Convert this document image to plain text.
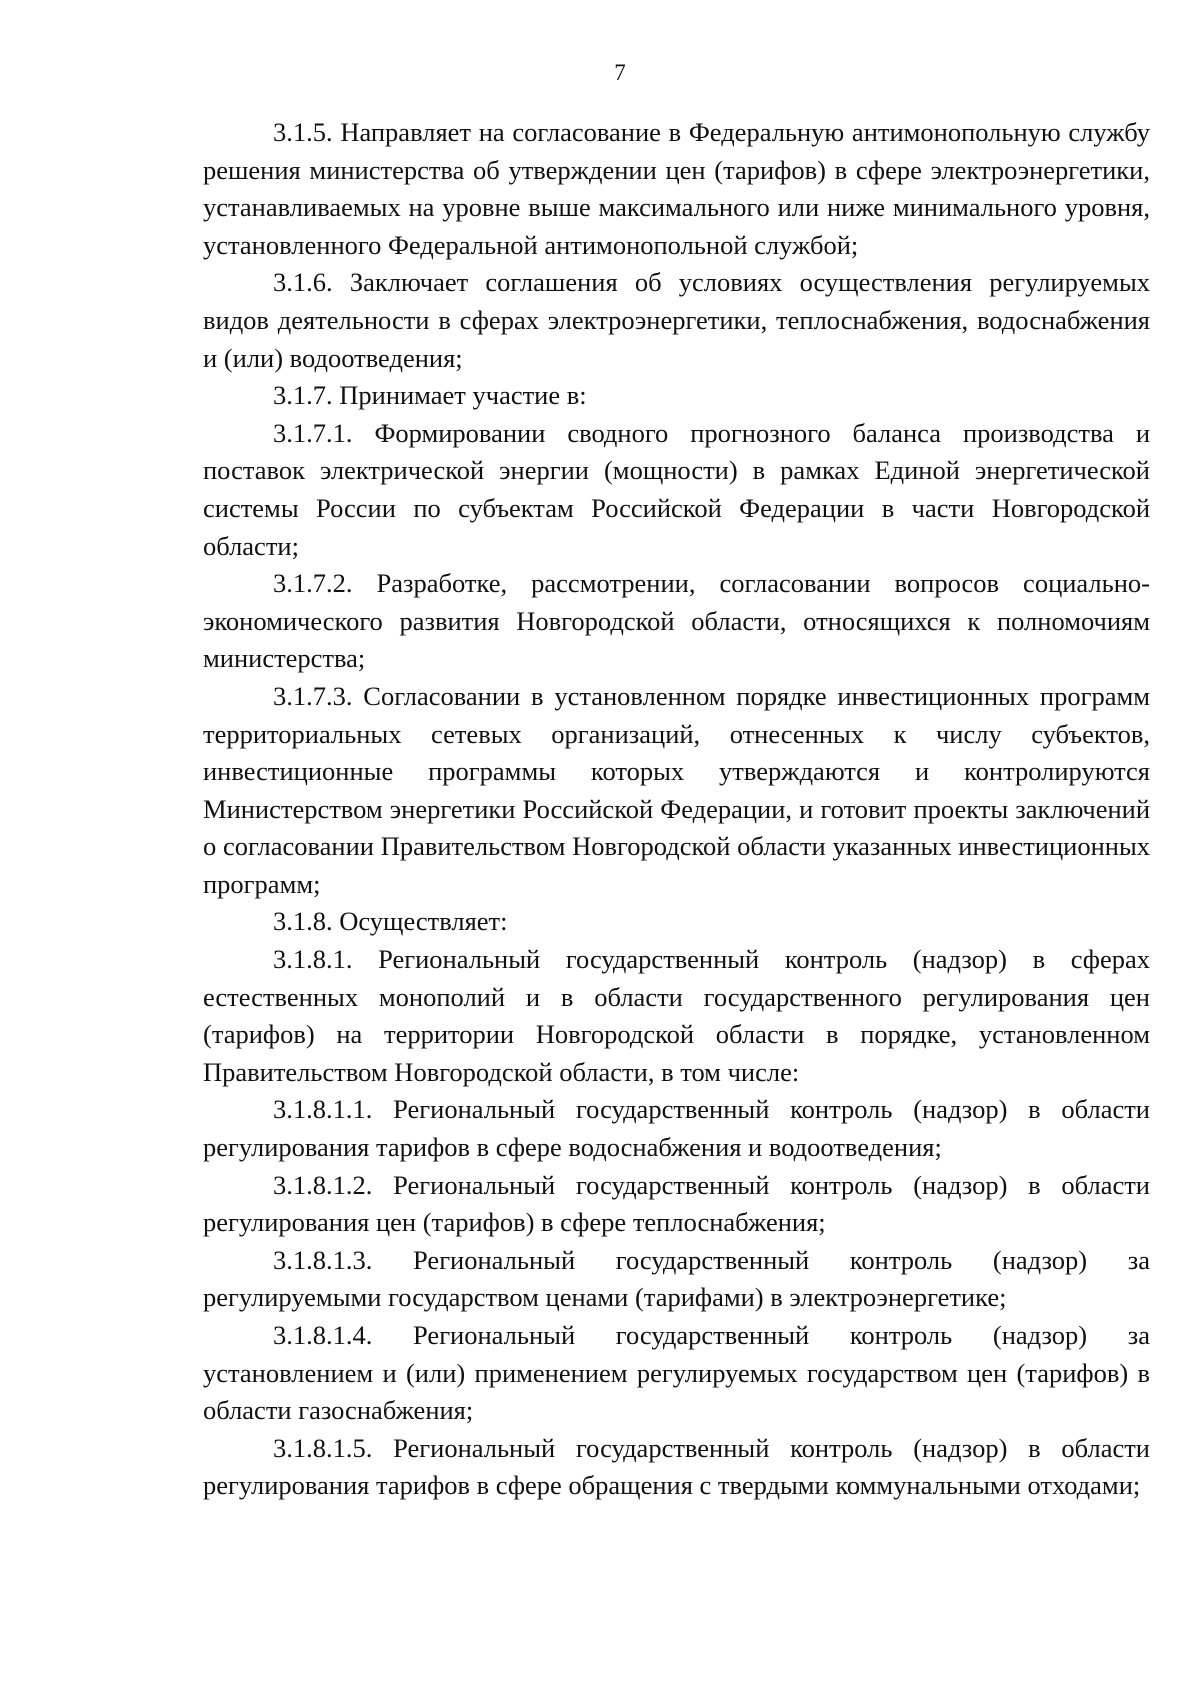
7

3.1.5. Направляет на согласование в Федеральную антимонопольную службу решения министерства об утверждении цен (тарифов) в сфере электроэнергетики, устанавливаемых на уровне выше максимального или ниже минимального уровня, установленного Федеральной антимонопольной службой;

3.1.6. Заключает соглашения об условиях осуществления регулируемых видов деятельности в сферах электроэнергетики, теплоснабжения, водоснабжения и (или) водоотведения;

3.1.7. Принимает участие в:

3.1.7.1. Формировании сводного прогнозного баланса производства и поставок электрической энергии (мощности) в рамках Единой энергетической системы России по субъектам Российской Федерации в части Новгородской области;

3.1.7.2. Разработке, рассмотрении, согласовании вопросов социально-экономического развития Новгородской области, относящихся к полномочиям министерства;

3.1.7.3. Согласовании в установленном порядке инвестиционных программ территориальных сетевых организаций, отнесенных к числу субъектов, инвестиционные программы которых утверждаются и контролируются Министерством энергетики Российской Федерации, и готовит проекты заключений о согласовании Правительством Новгородской области указанных инвестиционных программ;

3.1.8. Осуществляет:

3.1.8.1. Региональный государственный контроль (надзор) в сферах естественных монополий и в области государственного регулирования цен (тарифов) на территории Новгородской области в порядке, установленном Правительством Новгородской области, в том числе:

3.1.8.1.1. Региональный государственный контроль (надзор) в области регулирования тарифов в сфере водоснабжения и водоотведения;

3.1.8.1.2. Региональный государственный контроль (надзор) в области регулирования цен (тарифов) в сфере теплоснабжения;

3.1.8.1.3. Региональный государственный контроль (надзор) за регулируемыми государством ценами (тарифами) в электроэнергетике;

3.1.8.1.4. Региональный государственный контроль (надзор) за установлением и (или) применением регулируемых государством цен (тарифов) в области газоснабжения;

3.1.8.1.5. Региональный государственный контроль (надзор) в области регулирования тарифов в сфере обращения с твердыми коммунальными отходами;
